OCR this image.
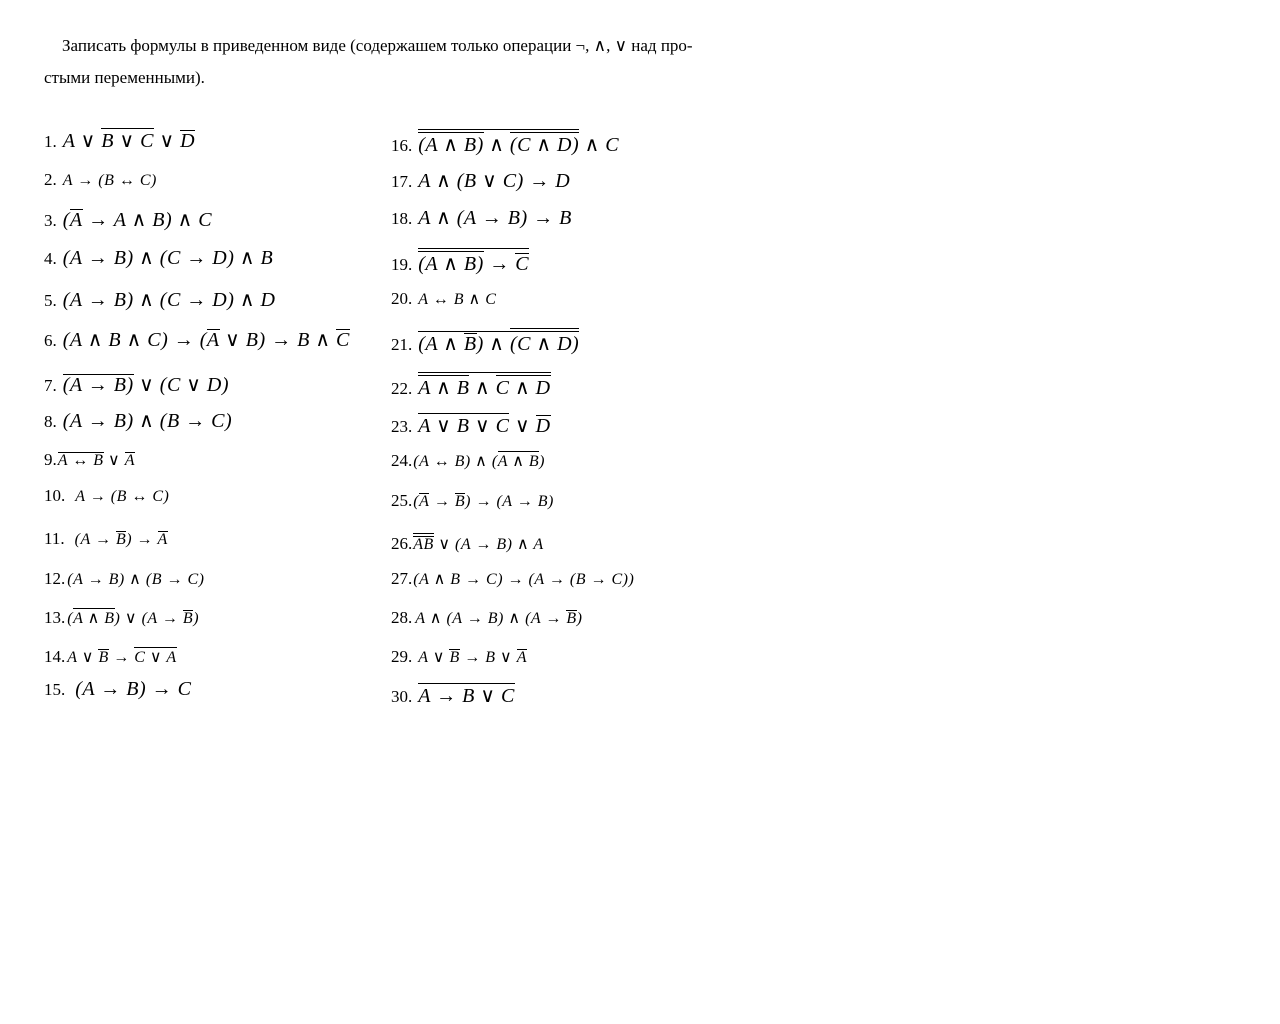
Записать формулы в приведенном виде (содержашем только операции ¬, ∧, ∨ над про-
стыми переменными).
1. A ∨ B ∨ C ∨ D
2. A → (B ↔ C)
3. (A → A ∧ B) ∧ C
4. (A → B) ∧ (C → D) ∧ B
5. (A → B) ∧ (C → D) ∧ D
6. (A ∧ B ∧ C) → (A ∨ B) → B ∧ C
7. (A → B) ∨ (C ∨ D)
8. (A → B) ∧ (B → C)
9. A ↔ B ∨ A
10. A → (B ↔ C)
11. (A → B) → A
12. (A → B) ∧ (B → C)
13. (A ∧ B) ∨ (A → B)
14. A ∨ B → C ∨ A
15. (A → B) → C
16. (A ∧ B) ∧ (C ∧ D) ∧ C
17. A ∧ (B ∨ C) → D
18. A ∧ (A → B) → B
19. (A ∧ B) → C
20. A ↔ B ∧ C
21. (A ∧ B) ∧ (C ∧ D)
22. A ∧ B ∧ C ∧ D
23. A ∨ B ∨ C ∨ D
24. (A ↔ B) ∧ (A ∧ B)
25. (A → B) → (A → B)
26. AB ∨ (A → B) ∧ A
27. (A ∧ B → C) → (A → (B → C))
28. A ∧ (A → B) ∧ (A → B)
29. A ∨ B → B ∨ A
30. A → B ∨ C
